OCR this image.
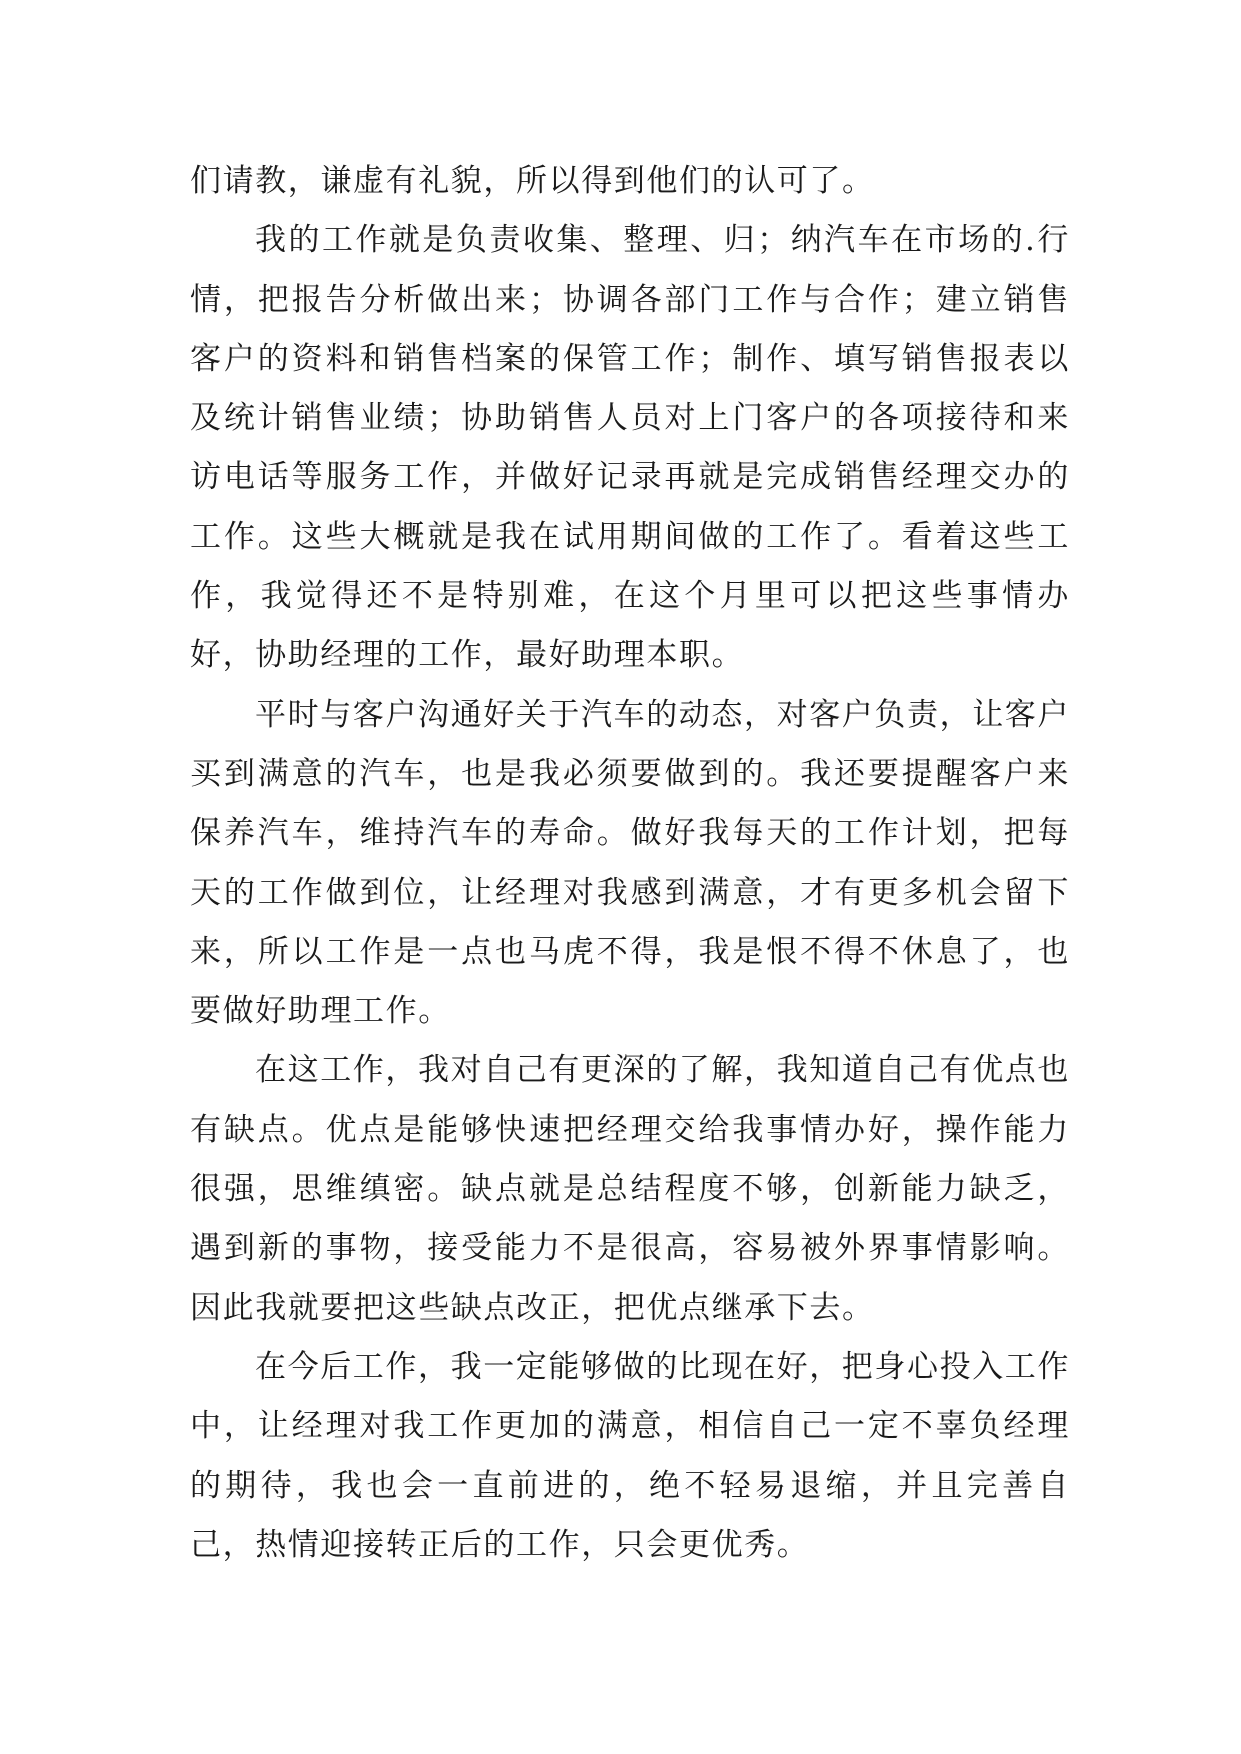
们请教，谦虚有礼貌，所以得到他们的认可了。

我的工作就是负责收集、整理、归；纳汽车在市场的.行情，把报告分析做出来；协调各部门工作与合作；建立销售客户的资料和销售档案的保管工作；制作、填写销售报表以及统计销售业绩；协助销售人员对上门客户的各项接待和来访电话等服务工作，并做好记录再就是完成销售经理交办的工作。这些大概就是我在试用期间做的工作了。看着这些工作，我觉得还不是特别难，在这个月里可以把这些事情办好，协助经理的工作，最好助理本职。

平时与客户沟通好关于汽车的动态，对客户负责，让客户买到满意的汽车，也是我必须要做到的。我还要提醒客户来保养汽车，维持汽车的寿命。做好我每天的工作计划，把每天的工作做到位，让经理对我感到满意，才有更多机会留下来，所以工作是一点也马虎不得，我是恨不得不休息了，也要做好助理工作。

在这工作，我对自己有更深的了解，我知道自己有优点也有缺点。优点是能够快速把经理交给我事情办好，操作能力很强，思维缜密。缺点就是总结程度不够，创新能力缺乏，遇到新的事物，接受能力不是很高，容易被外界事情影响。因此我就要把这些缺点改正，把优点继承下去。

在今后工作，我一定能够做的比现在好，把身心投入工作中，让经理对我工作更加的满意，相信自己一定不辜负经理的期待，我也会一直前进的，绝不轻易退缩，并且完善自己，热情迎接转正后的工作，只会更优秀。
